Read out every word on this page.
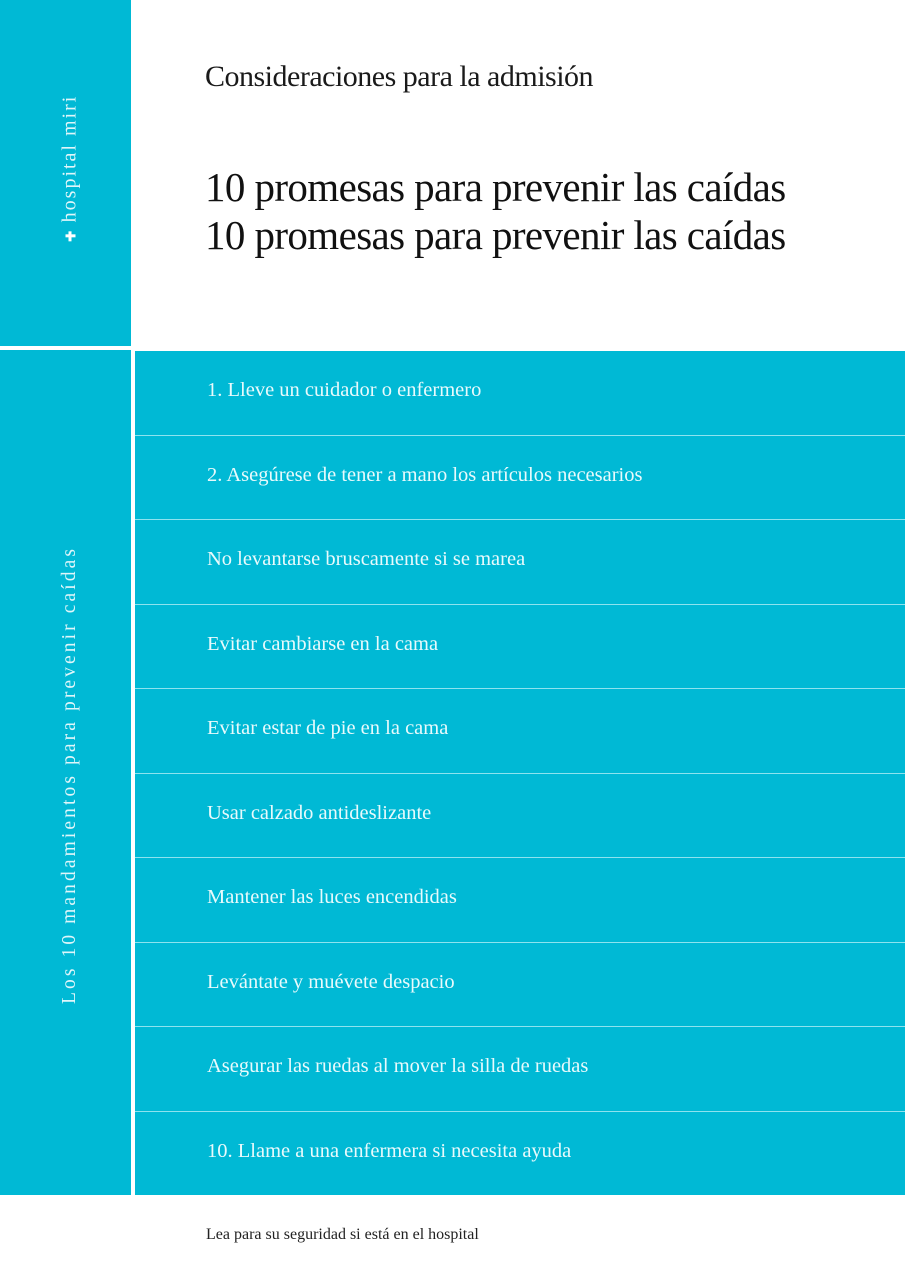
hospital miri
Los 10 mandamientos para prevenir caídas
Consideraciones para la admisión
10 promesas para prevenir las caídas
10 promesas para prevenir las caídas
1. Lleve un cuidador o enfermero
2. Asegúrese de tener a mano los artículos necesarios
No levantarse bruscamente si se marea
Evitar cambiarse en la cama
Evitar estar de pie en la cama
Usar calzado antideslizante
Mantener las luces encendidas
Levántate y muévete despacio
Asegurar las ruedas al mover la silla de ruedas
10. Llame a una enfermera si necesita ayuda
Lea para su seguridad si está en el hospital
